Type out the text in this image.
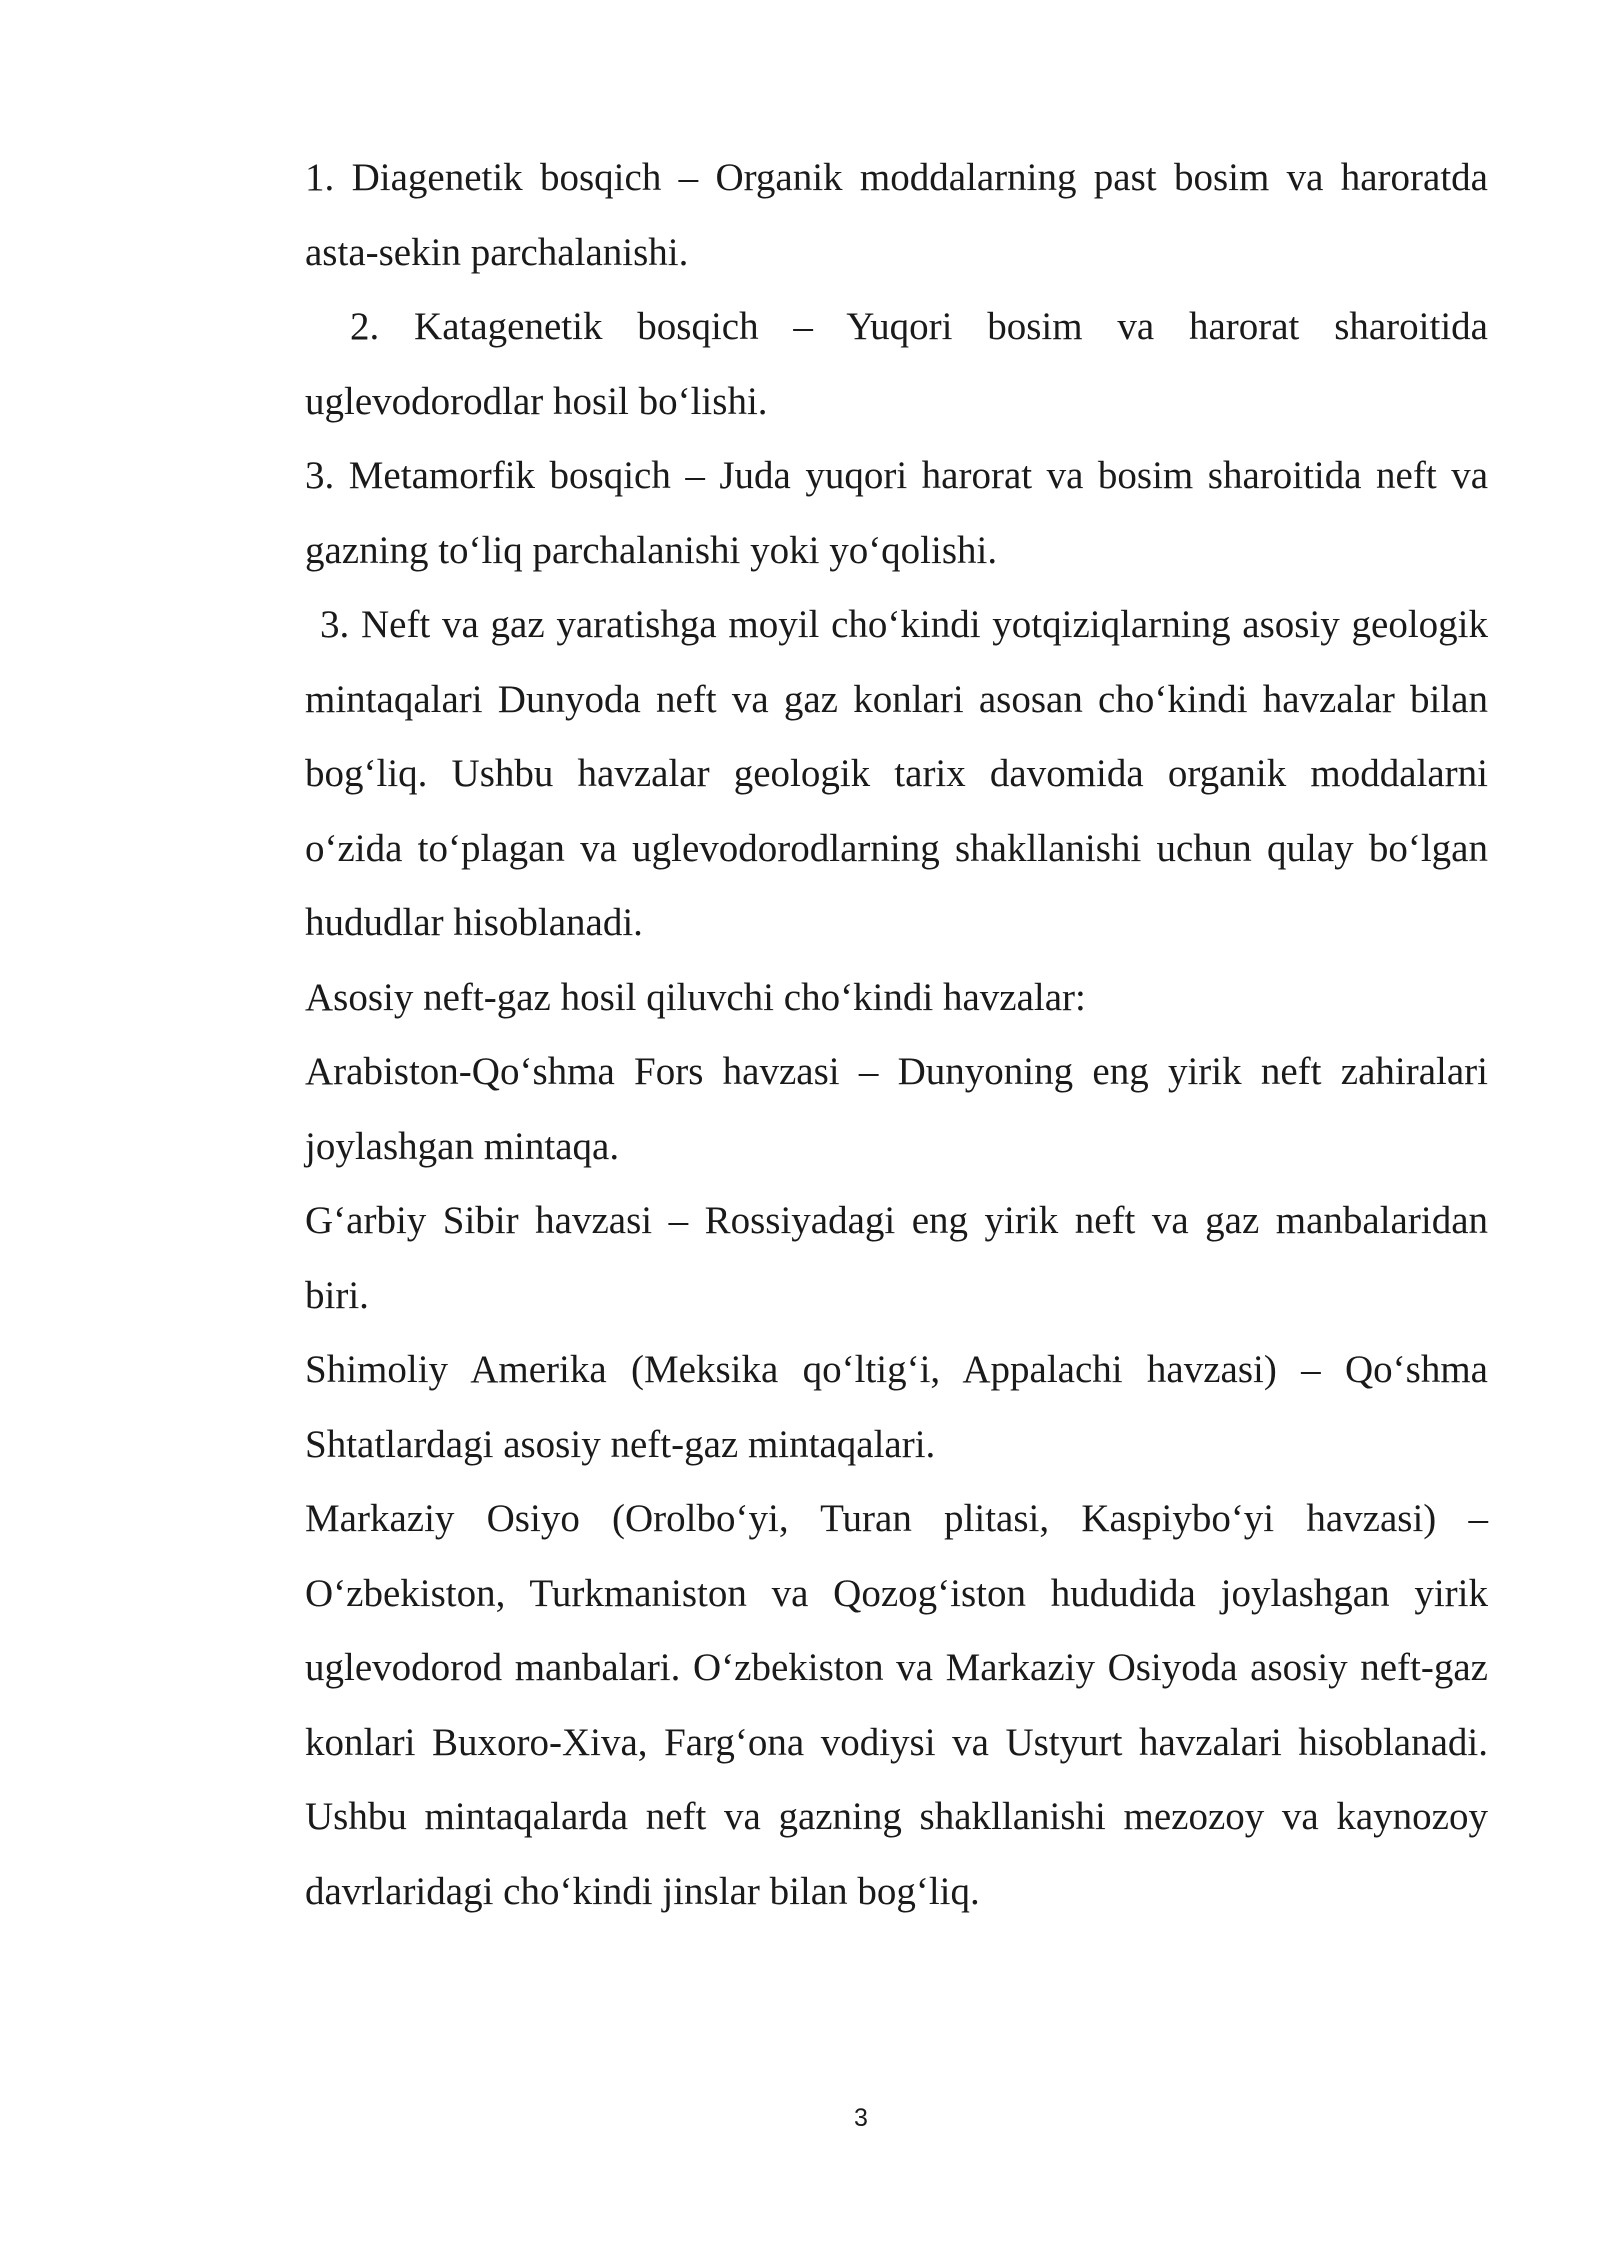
1. Diagenetik bosqich – Organik moddalarning past bosim va haroratda asta-sekin parchalanishi.

2. Katagenetik bosqich – Yuqori bosim va harorat sharoitida uglevodorodlar hosil bo‘lishi.

3. Metamorfik bosqich – Juda yuqori harorat va bosim sharoitida neft va gazning to‘liq parchalanishi yoki yo‘qolishi.

3. Neft va gaz yaratishga moyil cho‘kindi yotqiziqlarning asosiy geologik mintaqalari Dunyoda neft va gaz konlari asosan cho‘kindi havzalar bilan bog‘liq. Ushbu havzalar geologik tarix davomida organik moddalarni o‘zida to‘plagan va uglevodorodlarning shakllanishi uchun qulay bo‘lgan hududlar hisoblanadi.

Asosiy neft-gaz hosil qiluvchi cho‘kindi havzalar:

Arabiston-Qo‘shma Fors havzasi – Dunyoning eng yirik neft zahiralari joylashgan mintaqa.

G‘arbiy Sibir havzasi – Rossiyadagi eng yirik neft va gaz manbalaridan biri.

Shimoliy Amerika (Meksika qo‘ltig‘i, Appalachi havzasi) – Qo‘shma Shtatlardagi asosiy neft-gaz mintaqalari.

Markaziy Osiyo (Orolbo‘yi, Turan plitasi, Kaspiybo‘yi havzasi) – O‘zbekiston, Turkmaniston va Qozog‘iston hududida joylashgan yirik uglevodorod manbalari. O‘zbekiston va Markaziy Osiyoda asosiy neft-gaz konlari Buxoro-Xiva, Farg‘ona vodiysi va Ustyurt havzalari hisoblanadi. Ushbu mintaqalarda neft va gazning shakllanishi mezozoy va kaynozoy davrlaridagi cho‘kindi jinslar bilan bog‘liq.

3
